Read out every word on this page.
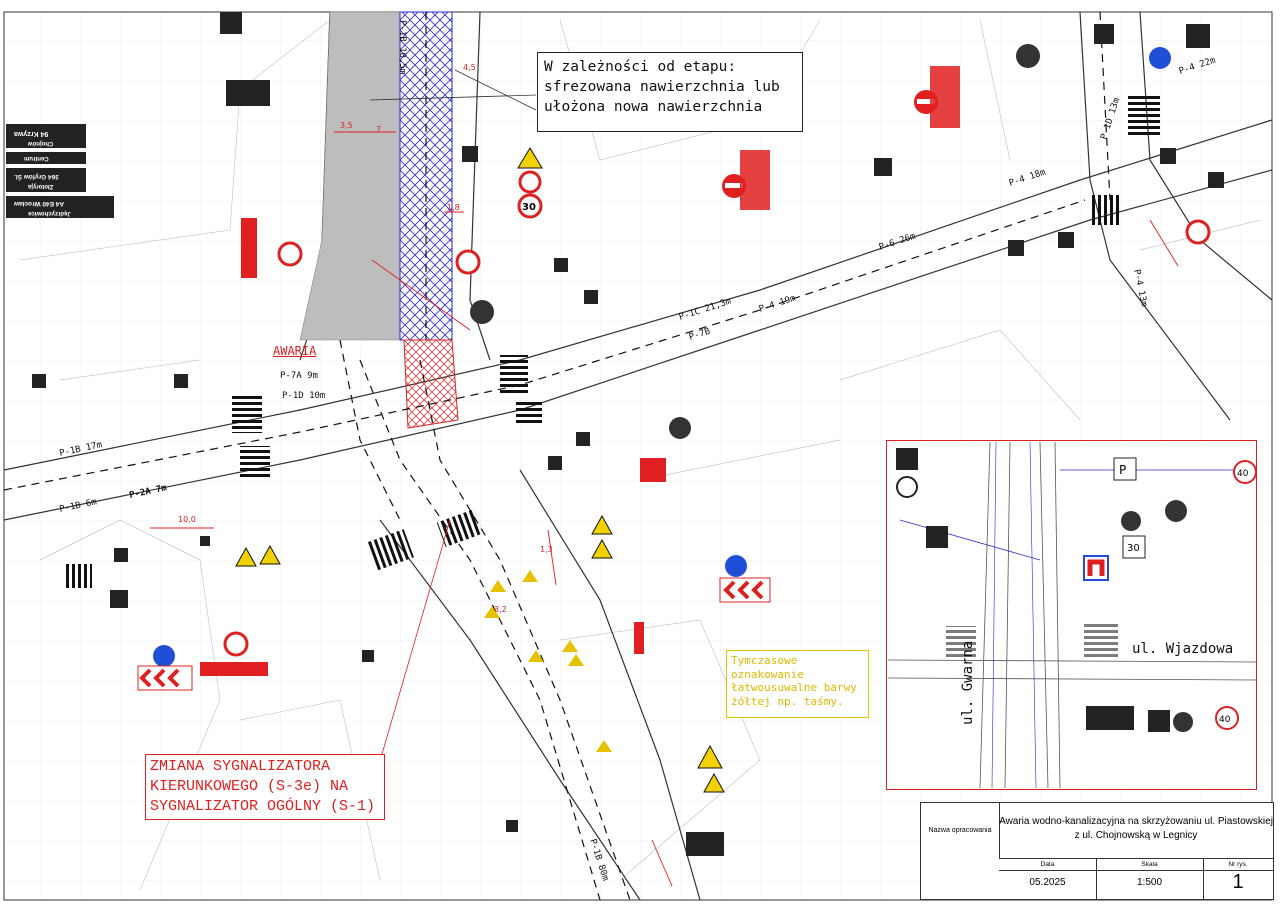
3,5	7
4,5
1,8
10,0
1,3
3,2
P-4 22m
P-4 18m
P-6 26m
P-4 19m
P-1C 21,3m
P-7B
P-1B 17m
P-1B 6m
P-2A 7m
P-7A 9m
P-1D 10m
P-1B 80m
P-1B 10,5m
P-1D 13m
P-4 13m
30
P
30
40
40
94 Krzywa
Chojnów
Centrum
364 Gryfów Śl.
Złotoryja
A4 E40 Wrocław
Jędrzychowice
W zależności od etapu:
sfrezowana nawierzchnia lub
ułożona nowa nawierzchnia
Tymczasowe
oznakowanie
łatwousuwalne barwy
żółtej np. taśmy.
ZMIANA SYGNALIZATORA
KIERUNKOWEGO (S-3e) NA
SYGNALIZATOR OGÓLNY (S-1)
AWARIA
ul. Wjazdowa
ul. Gwarna
Nazwa opracowania
Awaria wodno-kanalizacyjna na skrzyżowaniu ul. Piastowskiej
z ul. Chojnowską w Legnicy
Data
05.2025
Skala
1:500
Nr rys.
1
